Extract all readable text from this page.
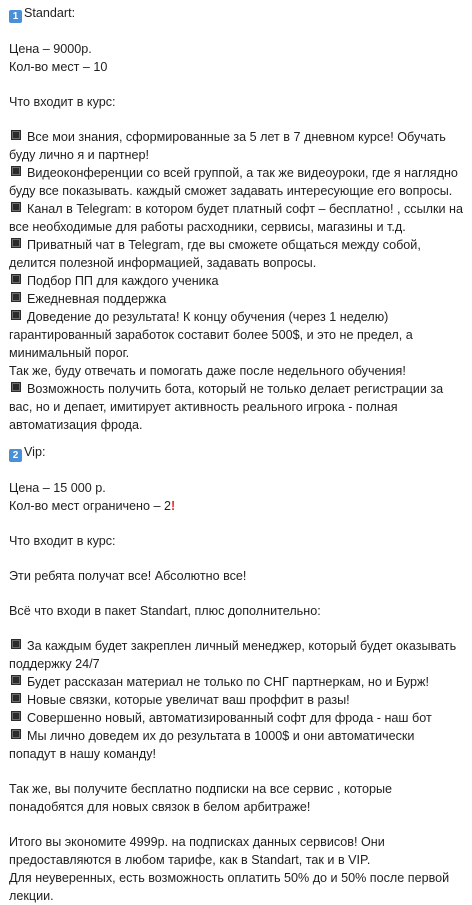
1 Standart:
Цена – 9000р.
Кол-во мест – 10
Что входит в курс:
Все мои знания, сформированные за 5 лет в 7 дневном курсе! Обучать
буду лично я и партнер!
Видеоконференции со всей группой, а так же видеоуроки, где я наглядно
буду все показывать. каждый сможет задавать интересующие его вопросы.
Канал в Telegram: в котором будет платный софт – бесплатно! , ссылки на
все необходимые для работы расходники, сервисы, магазины и т.д.
Приватный чат в Telegram, где вы сможете общаться между собой,
делится полезной информацией, задавать вопросы.
Подбор ПП для каждого ученика
Ежедневная поддержка
Доведение до результата! К концу обучения (через 1 неделю)
гарантированный заработок составит более 500$, и это не предел, а
минимальный порог.
Так же, буду отвечать и помогать даже после недельного обучения!
Возможность получить бота, который не только делает регистрации за
вас, но и депает, имитирует активность реального игрока - полная
автоматизация фрода.
2 Vip:
Цена – 15 000 р.
Кол-во мест ограничено – 2!
Что входит в курс:
Эти ребята получат все! Абсолютно все!
Всё что входи в пакет Standart, плюс дополнительно:
За каждым будет закреплен личный менеджер, который будет оказывать
поддержку 24/7
Будет рассказан материал не только по СНГ партнеркам, но и Бурж!
Новые связки, которые увеличат ваш проффит в разы!
Совершенно новый, автоматизированный софт для фрода - наш бот
Мы лично доведем их до результата в 1000$ и они автоматически
попадут в нашу команду!
Так же, вы получите бесплатно подписки на все сервис , которые
понадобятся для новых связок в белом арбитраже!
Итого вы экономите 4999р. на подписках данных сервисов! Они
предоставляются в любом тарифе, как в Standart, так и в VIP.
Для неуверенных, есть возможность оплатить 50% до и 50% после первой
лекции.
